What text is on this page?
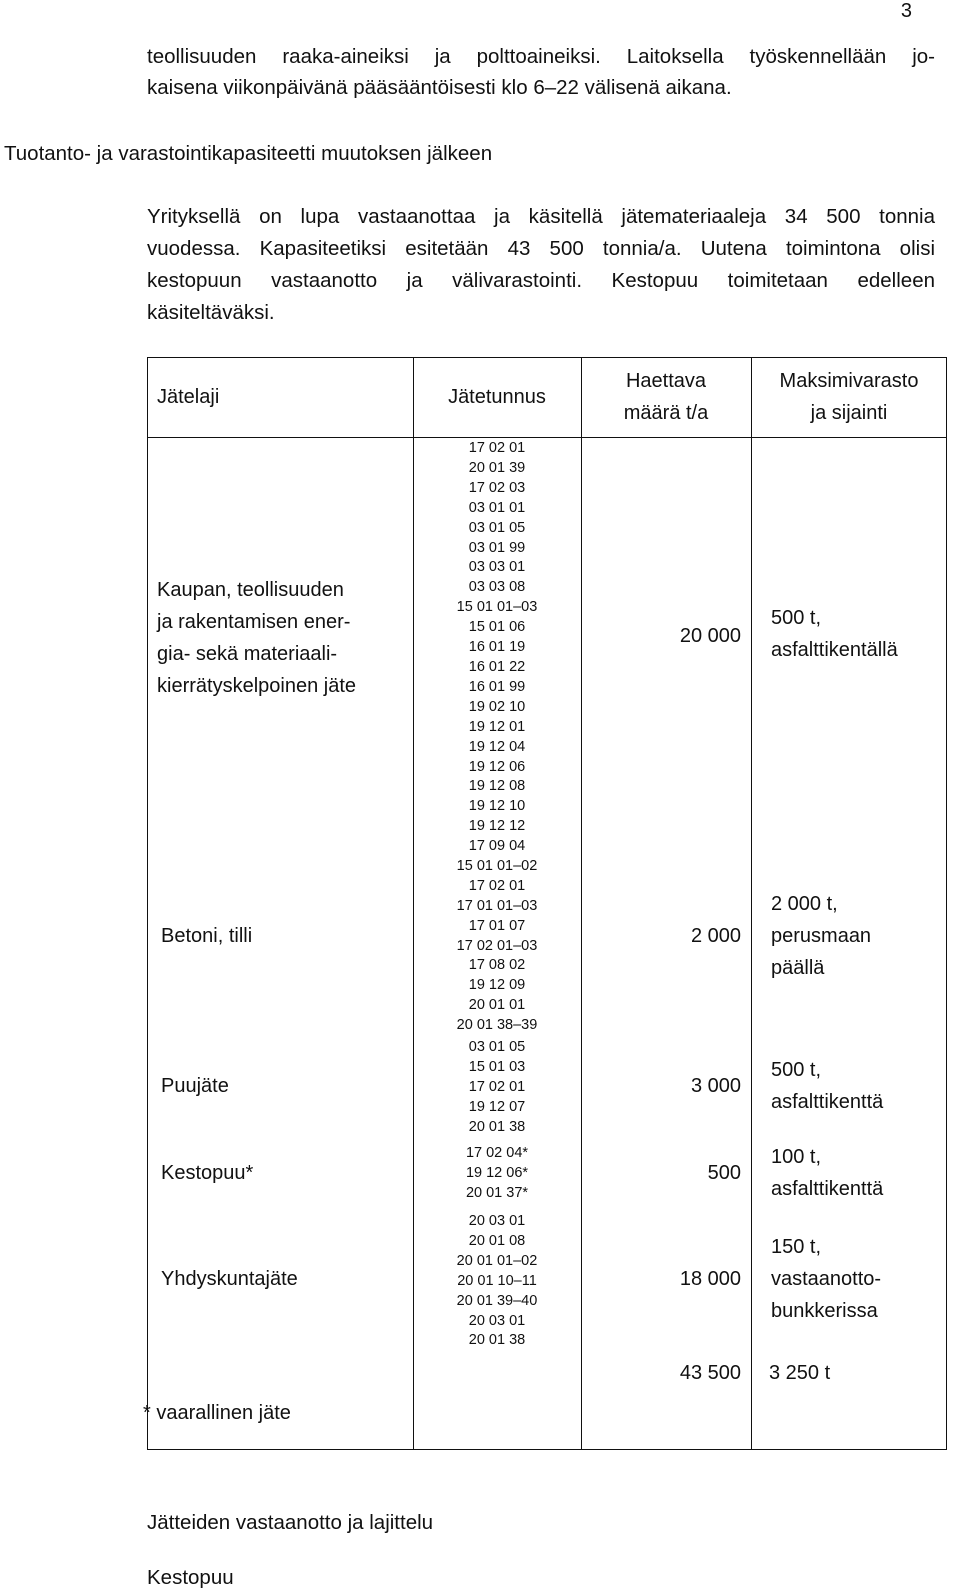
3
teollisuuden raaka-aineiksi ja polttoaineiksi. Laitoksella työskennellään jo-
kaisena viikonpäivänä pääsääntöisesti klo 6–22 välisenä aikana.
Tuotanto- ja varastointikapasiteetti muutoksen jälkeen
Yrityksellä on lupa vastaanottaa ja käsitellä jätemateriaaleja 34 500 tonnia
vuodessa. Kapasiteetiksi esitetään 43 500 tonnia/a. Uutena toimintona olisi
kestopuun vastaanotto ja välivarastointi. Kestopuu toimitetaan edelleen
käsiteltäväksi.
Jätelaji	Jätetunnus
Haettava
määrä t/a
Maksimivarasto
ja sijainti
Kaupan, teollisuuden
ja rakentamisen ener-
gia- sekä materiaali-
kierrätyskelpoinen jäte
17 02 01
20 01 39
17 02 03
03 01 01
03 01 05
03 01 99
03 03 01
03 03 08
15 01 01–03
15 01 06
16 01 19
16 01 22
16 01 99
19 02 10
19 12 01
19 12 04
19 12 06
19 12 08
19 12 10
19 12 12
20 000
500 t,
asfalttikentällä
Betoni, tilli
17 09 04
15 01 01–02
17 02 01
17 01 01–03
17 01 07
17 02 01–03
17 08 02
19 12 09
20 01 01
20 01 38–39
2 000
2 000 t,
perusmaan
päällä
Puujäte
03 01 05
15 01 03
17 02 01
19 12 07
20 01 38
3 000
500 t,
asfalttikenttä
Kestopuu*
17 02 04*
19 12 06*
20 01 37*
500
100 t,
asfalttikenttä
Yhdyskuntajäte
20 03 01
20 01 08
20 01 01–02
20 01 10–11
20 01 39–40
20 03 01
20 01 38
18 000
150 t,
vastaanotto-
bunkkerissa
43 500 3 250 t
* vaarallinen jäte
Jätteiden vastaanotto ja lajittelu
Kestopuu
